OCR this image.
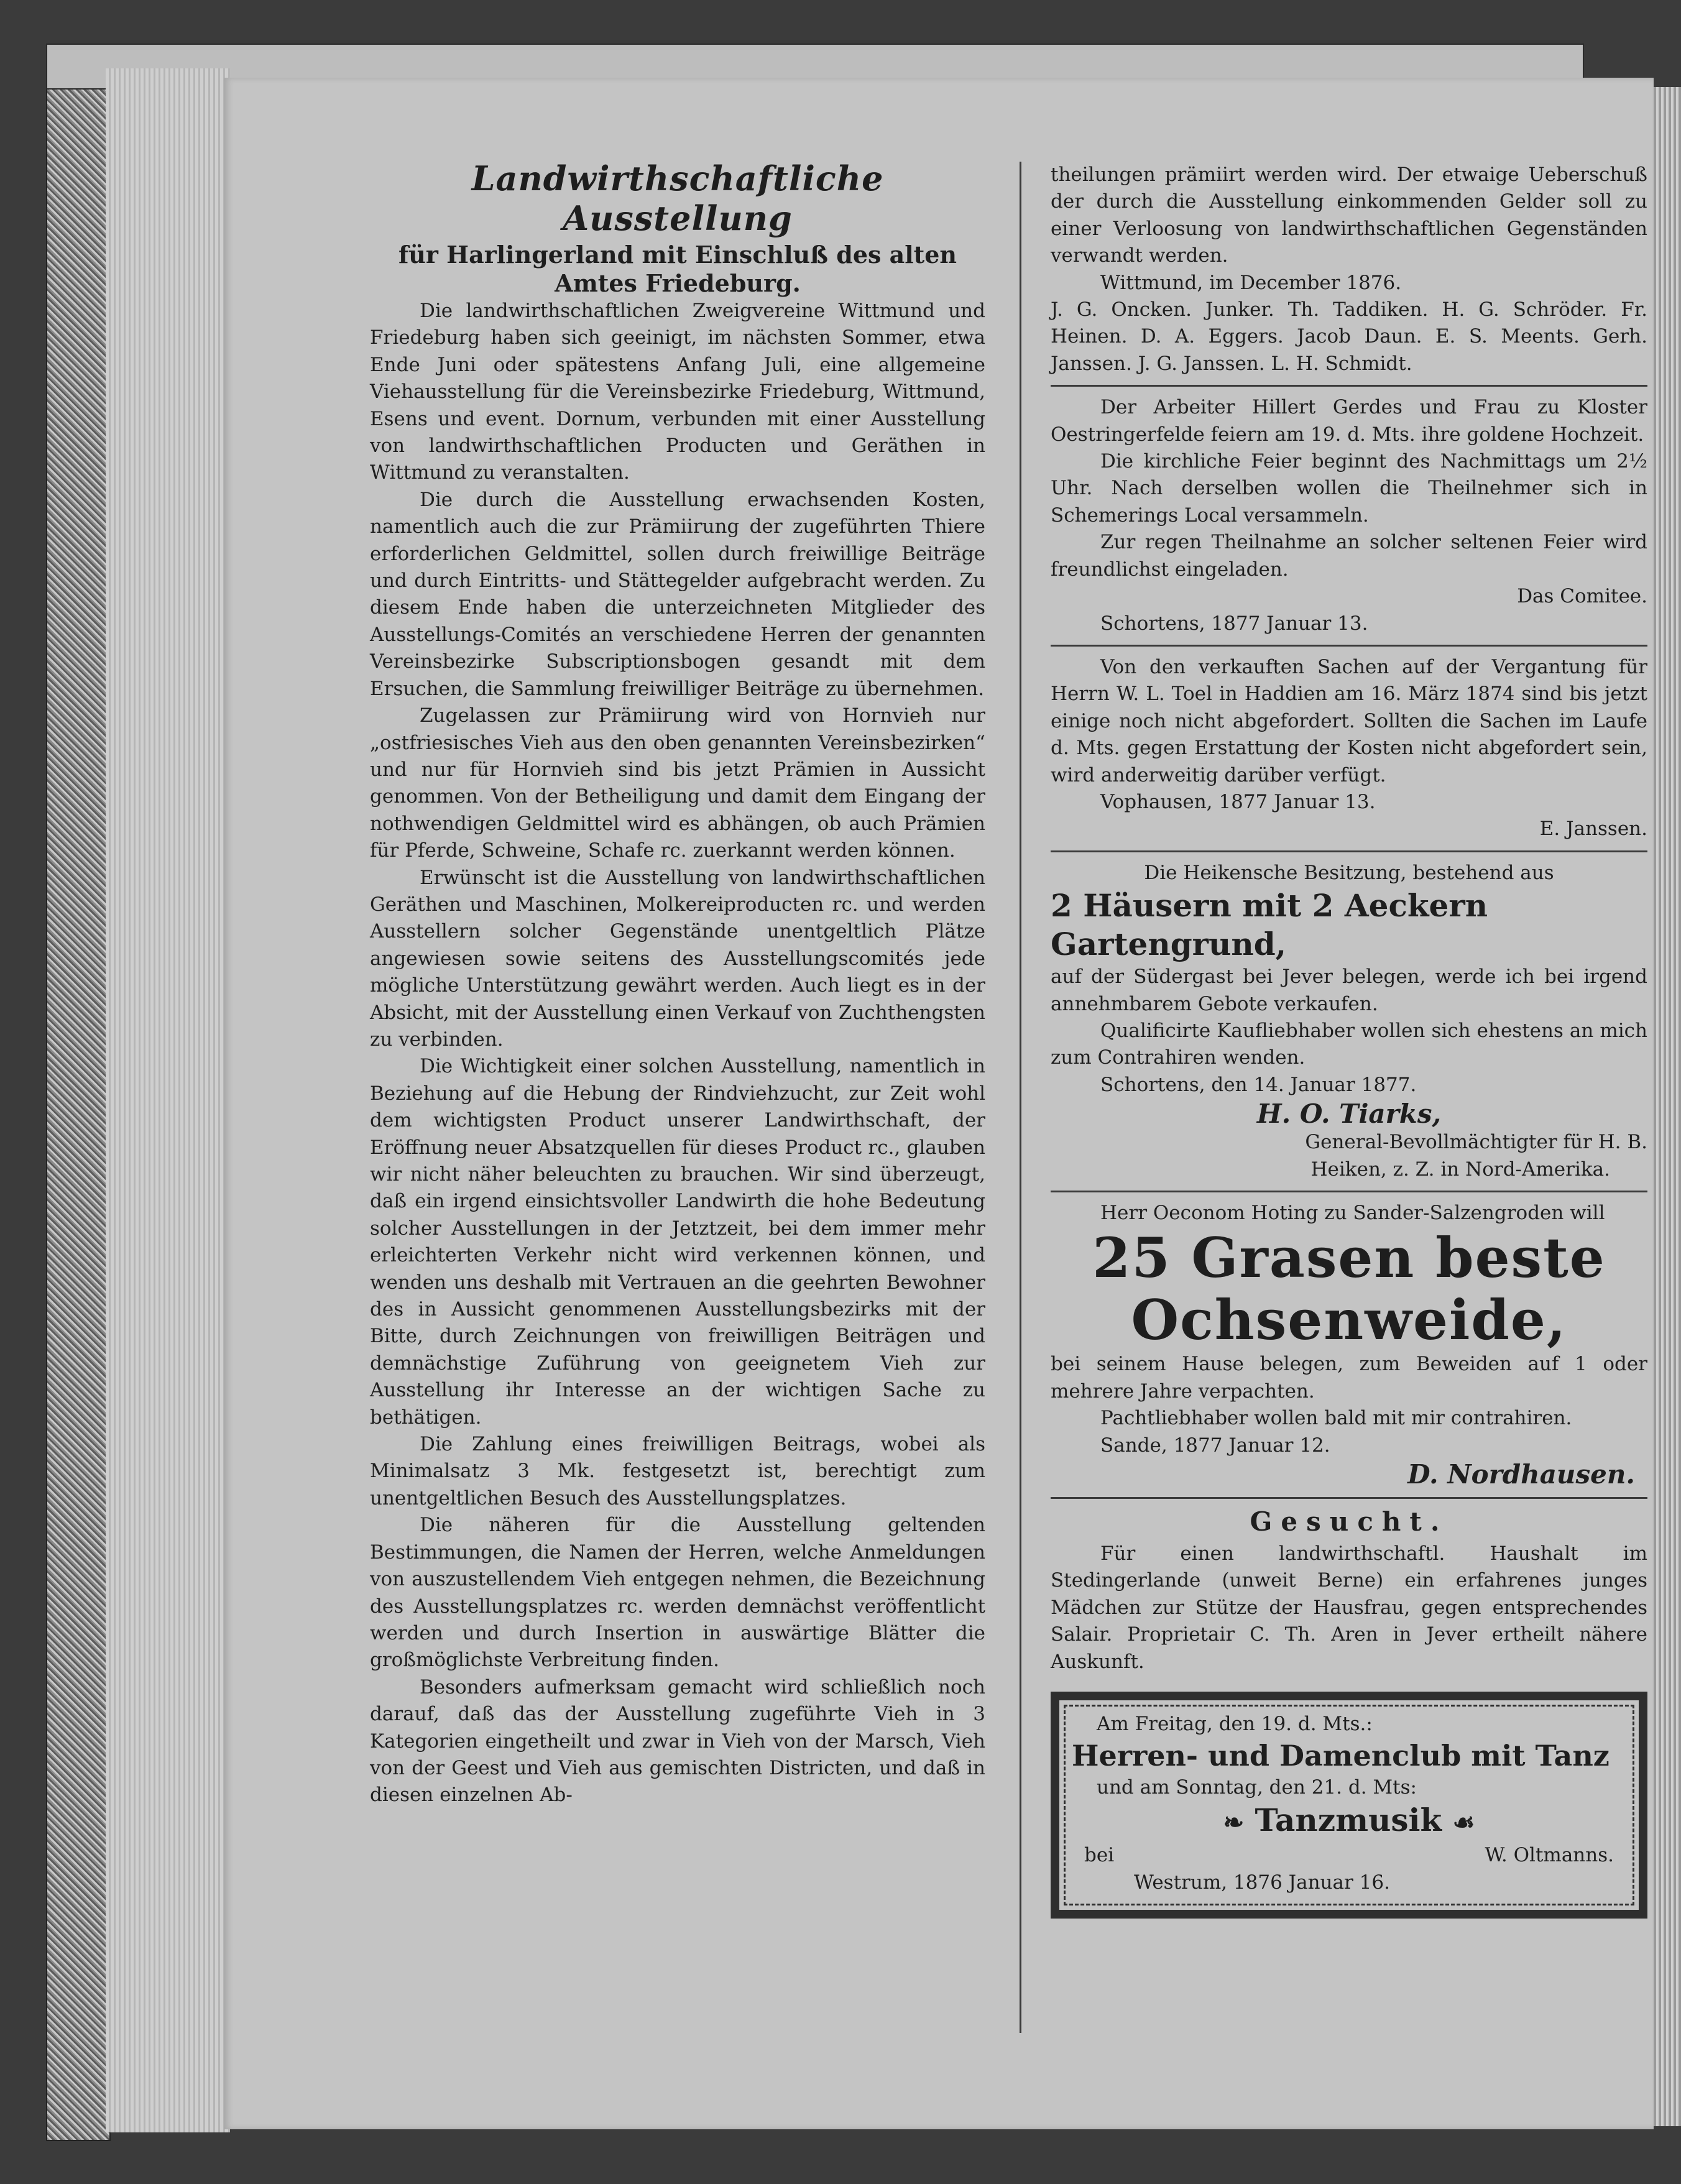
Landwirthschaftliche Ausstellung

für Harlingerland mit Einschluß des alten Amtes Friedeburg.

Die landwirthschaftlichen Zweigvereine Wittmund und Friedeburg haben sich geeinigt, im nächsten Sommer, etwa Ende Juni oder spätestens Anfang Juli, eine allgemeine Viehausstellung für die Vereinsbezirke Friedeburg, Wittmund, Esens und event. Dornum, verbunden mit einer Ausstellung von landwirthschaftlichen Producten und Geräthen in Wittmund zu veranstalten.

Die durch die Ausstellung erwachsenden Kosten, namentlich auch die zur Prämiirung der zugeführten Thiere erforderlichen Geldmittel, sollen durch freiwillige Beiträge und durch Eintritts- und Stättegelder aufgebracht werden. Zu diesem Ende haben die unterzeichneten Mitglieder des Ausstellungs-Comités an verschiedene Herren der genannten Vereinsbezirke Subscriptionsbogen gesandt mit dem Ersuchen, die Sammlung freiwilliger Beiträge zu übernehmen.

Zugelassen zur Prämiirung wird von Hornvieh nur „ostfriesisches Vieh aus den oben genannten Vereinsbezirken“ und nur für Hornvieh sind bis jetzt Prämien in Aussicht genommen. Von der Betheiligung und damit dem Eingang der nothwendigen Geldmittel wird es abhängen, ob auch Prämien für Pferde, Schweine, Schafe rc. zuerkannt werden können.

Erwünscht ist die Ausstellung von landwirthschaftlichen Geräthen und Maschinen, Molkereiproducten rc. und werden Ausstellern solcher Gegenstände unentgeltlich Plätze angewiesen sowie seitens des Ausstellungscomités jede mögliche Unterstützung gewährt werden. Auch liegt es in der Absicht, mit der Ausstellung einen Verkauf von Zuchthengsten zu verbinden.

Die Wichtigkeit einer solchen Ausstellung, namentlich in Beziehung auf die Hebung der Rindviehzucht, zur Zeit wohl dem wichtigsten Product unserer Landwirthschaft, der Eröffnung neuer Absatzquellen für dieses Product rc., glauben wir nicht näher beleuchten zu brauchen. Wir sind überzeugt, daß ein irgend einsichtsvoller Landwirth die hohe Bedeutung solcher Ausstellungen in der Jetztzeit, bei dem immer mehr erleichterten Verkehr nicht wird verkennen können, und wenden uns deshalb mit Vertrauen an die geehrten Bewohner des in Aussicht genommenen Ausstellungsbezirks mit der Bitte, durch Zeichnungen von freiwilligen Beiträgen und demnächstige Zuführung von geeignetem Vieh zur Ausstellung ihr Interesse an der wichtigen Sache zu bethätigen.

Die Zahlung eines freiwilligen Beitrags, wobei als Minimalsatz 3 Mk. festgesetzt ist, berechtigt zum unentgeltlichen Besuch des Ausstellungsplatzes.

Die näheren für die Ausstellung geltenden Bestimmungen, die Namen der Herren, welche Anmeldungen von auszustellendem Vieh entgegen nehmen, die Bezeichnung des Ausstellungsplatzes rc. werden demnächst veröffentlicht werden und durch Insertion in auswärtige Blätter die großmöglichste Verbreitung finden.

Besonders aufmerksam gemacht wird schließlich noch darauf, daß das der Ausstellung zugeführte Vieh in 3 Kategorien eingetheilt und zwar in Vieh von der Marsch, Vieh von der Geest und Vieh aus gemischten Districten, und daß in diesen einzelnen Ab-

theilungen prämiirt werden wird. Der etwaige Ueberschuß der durch die Ausstellung einkommenden Gelder soll zu einer Verloosung von landwirthschaftlichen Gegenständen verwandt werden.

Wittmund, im December 1876.

J. G. Oncken. Junker. Th. Taddiken. H. G. Schröder. Fr. Heinen. D. A. Eggers. Jacob Daun. E. S. Meents. Gerh. Janssen. J. G. Janssen. L. H. Schmidt.

Der Arbeiter Hillert Gerdes und Frau zu Kloster Oestringerfelde feiern am 19. d. Mts. ihre goldene Hochzeit.

Die kirchliche Feier beginnt des Nachmittags um 2½ Uhr. Nach derselben wollen die Theilnehmer sich in Schemerings Local versammeln.

Zur regen Theilnahme an solcher seltenen Feier wird freundlichst eingeladen.

Das Comitee.

Schortens, 1877 Januar 13.

Von den verkauften Sachen auf der Vergantung für Herrn W. L. Toel in Haddien am 16. März 1874 sind bis jetzt einige noch nicht abgefordert. Sollten die Sachen im Laufe d. Mts. gegen Erstattung der Kosten nicht abgefordert sein, wird anderweitig darüber verfügt.

Vophausen, 1877 Januar 13.

E. Janssen.

Die Heikensche Besitzung, bestehend aus

2 Häusern mit 2 Aeckern Gartengrund,

auf der Südergast bei Jever belegen, werde ich bei irgend annehmbarem Gebote verkaufen.

Qualificirte Kaufliebhaber wollen sich ehestens an mich zum Contrahiren wenden.

Schortens, den 14. Januar 1877.

H. O. Tiarks,

General-Bevollmächtigter für H. B.

Heiken, z. Z. in Nord-Amerika.

Herr Oeconom Hoting zu Sander-Salzengroden will

25 Grasen beste Ochsenweide,

bei seinem Hause belegen, zum Beweiden auf 1 oder mehrere Jahre verpachten.

Pachtliebhaber wollen bald mit mir contrahiren.

Sande, 1877 Januar 12.

D. Nordhausen.

Gesucht.

Für einen landwirthschaftl. Haushalt im Stedingerlande (unweit Berne) ein erfahrenes junges Mädchen zur Stütze der Hausfrau, gegen entsprechendes Salair. Proprietair C. Th. Aren in Jever ertheilt nähere Auskunft.

Am Freitag, den 19. d. Mts.:

Herren- und Damenclub mit Tanz

und am Sonntag, den 21. d. Mts:

❧ Tanzmusik ☙

bei	W. Oltmanns.

Westrum, 1876 Januar 16.
